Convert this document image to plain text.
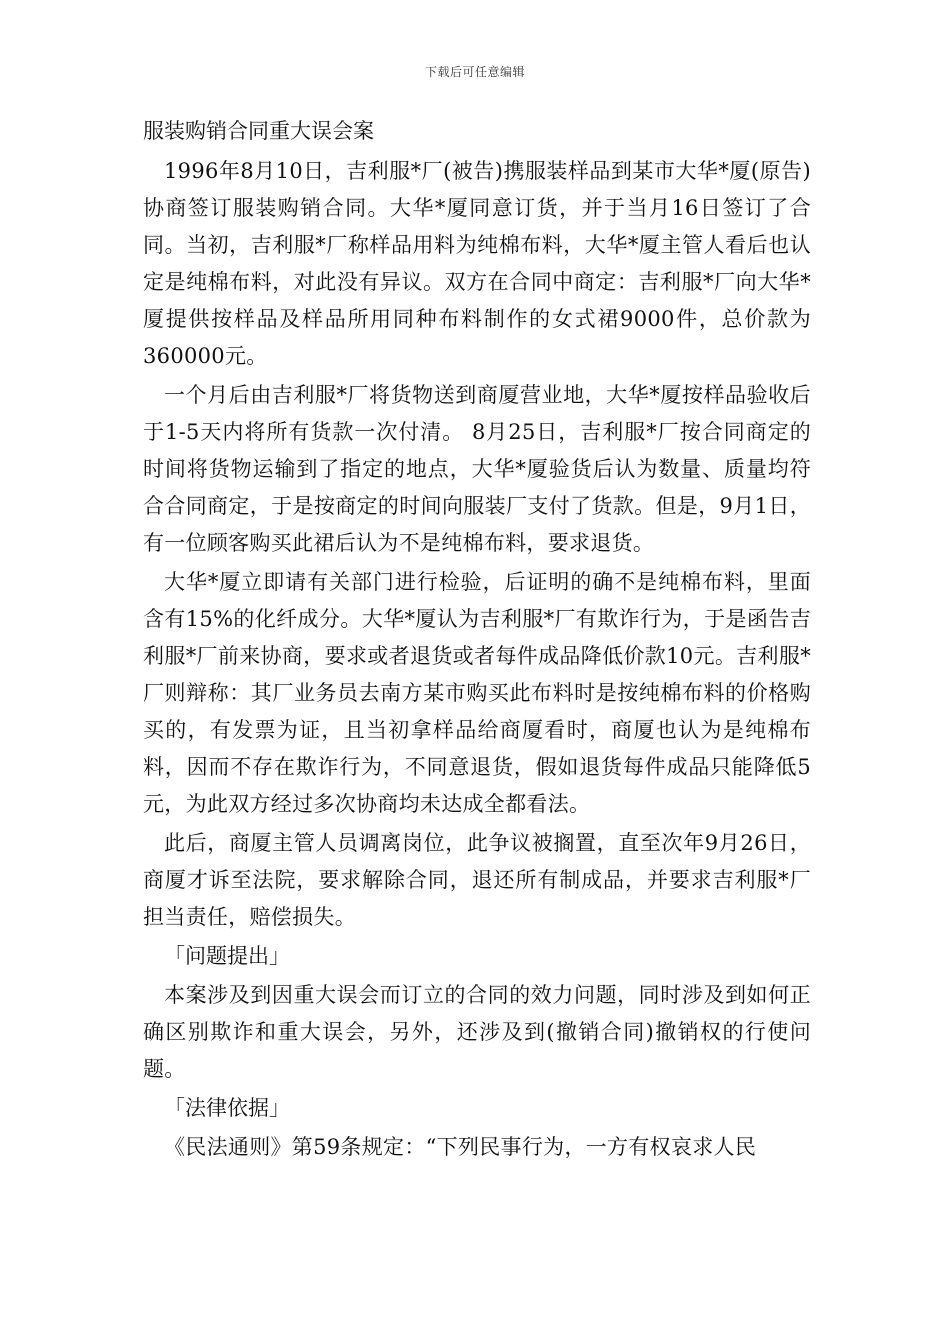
下载后可任意编辑
服装购销合同重大误会案

1996年8月10日，吉利服*厂(被告)携服装样品到某市大华*厦(原告)协商签订服装购销合同。大华*厦同意订货，并于当月16日签订了合同。当初，吉利服*厂称样品用料为纯棉布料，大华*厦主管人看后也认定是纯棉布料，对此没有异议。双方在合同中商定：吉利服*厂向大华*厦提供按样品及样品所用同种布料制作的女式裙9000件，总价款为360000元。

一个月后由吉利服*厂将货物送到商厦营业地，大华*厦按样品验收后于1-5天内将所有货款一次付清。 8月25日，吉利服*厂按合同商定的时间将货物运输到了指定的地点，大华*厦验货后认为数量、质量均符合合同商定，于是按商定的时间向服装厂支付了货款。但是，9月1日，有一位顾客购买此裙后认为不是纯棉布料，要求退货。

大华*厦立即请有关部门进行检验，后证明的确不是纯棉布料，里面含有15%的化纤成分。大华*厦认为吉利服*厂有欺诈行为，于是函告吉利服*厂前来协商，要求或者退货或者每件成品降低价款10元。吉利服*厂则辩称：其厂业务员去南方某市购买此布料时是按纯棉布料的价格购买的，有发票为证，且当初拿样品给商厦看时，商厦也认为是纯棉布料，因而不存在欺诈行为，不同意退货，假如退货每件成品只能降低5元，为此双方经过多次协商均未达成全都看法。

此后，商厦主管人员调离岗位，此争议被搁置，直至次年9月26日，商厦才诉至法院，要求解除合同，退还所有制成品，并要求吉利服*厂担当责任，赔偿损失。

「问题提出」

本案涉及到因重大误会而订立的合同的效力问题，同时涉及到如何正确区别欺诈和重大误会，另外，还涉及到(撤销合同)撤销权的行使问题。

「法律依据」

《民法通则》第59条规定：“下列民事行为，一方有权哀求人民
